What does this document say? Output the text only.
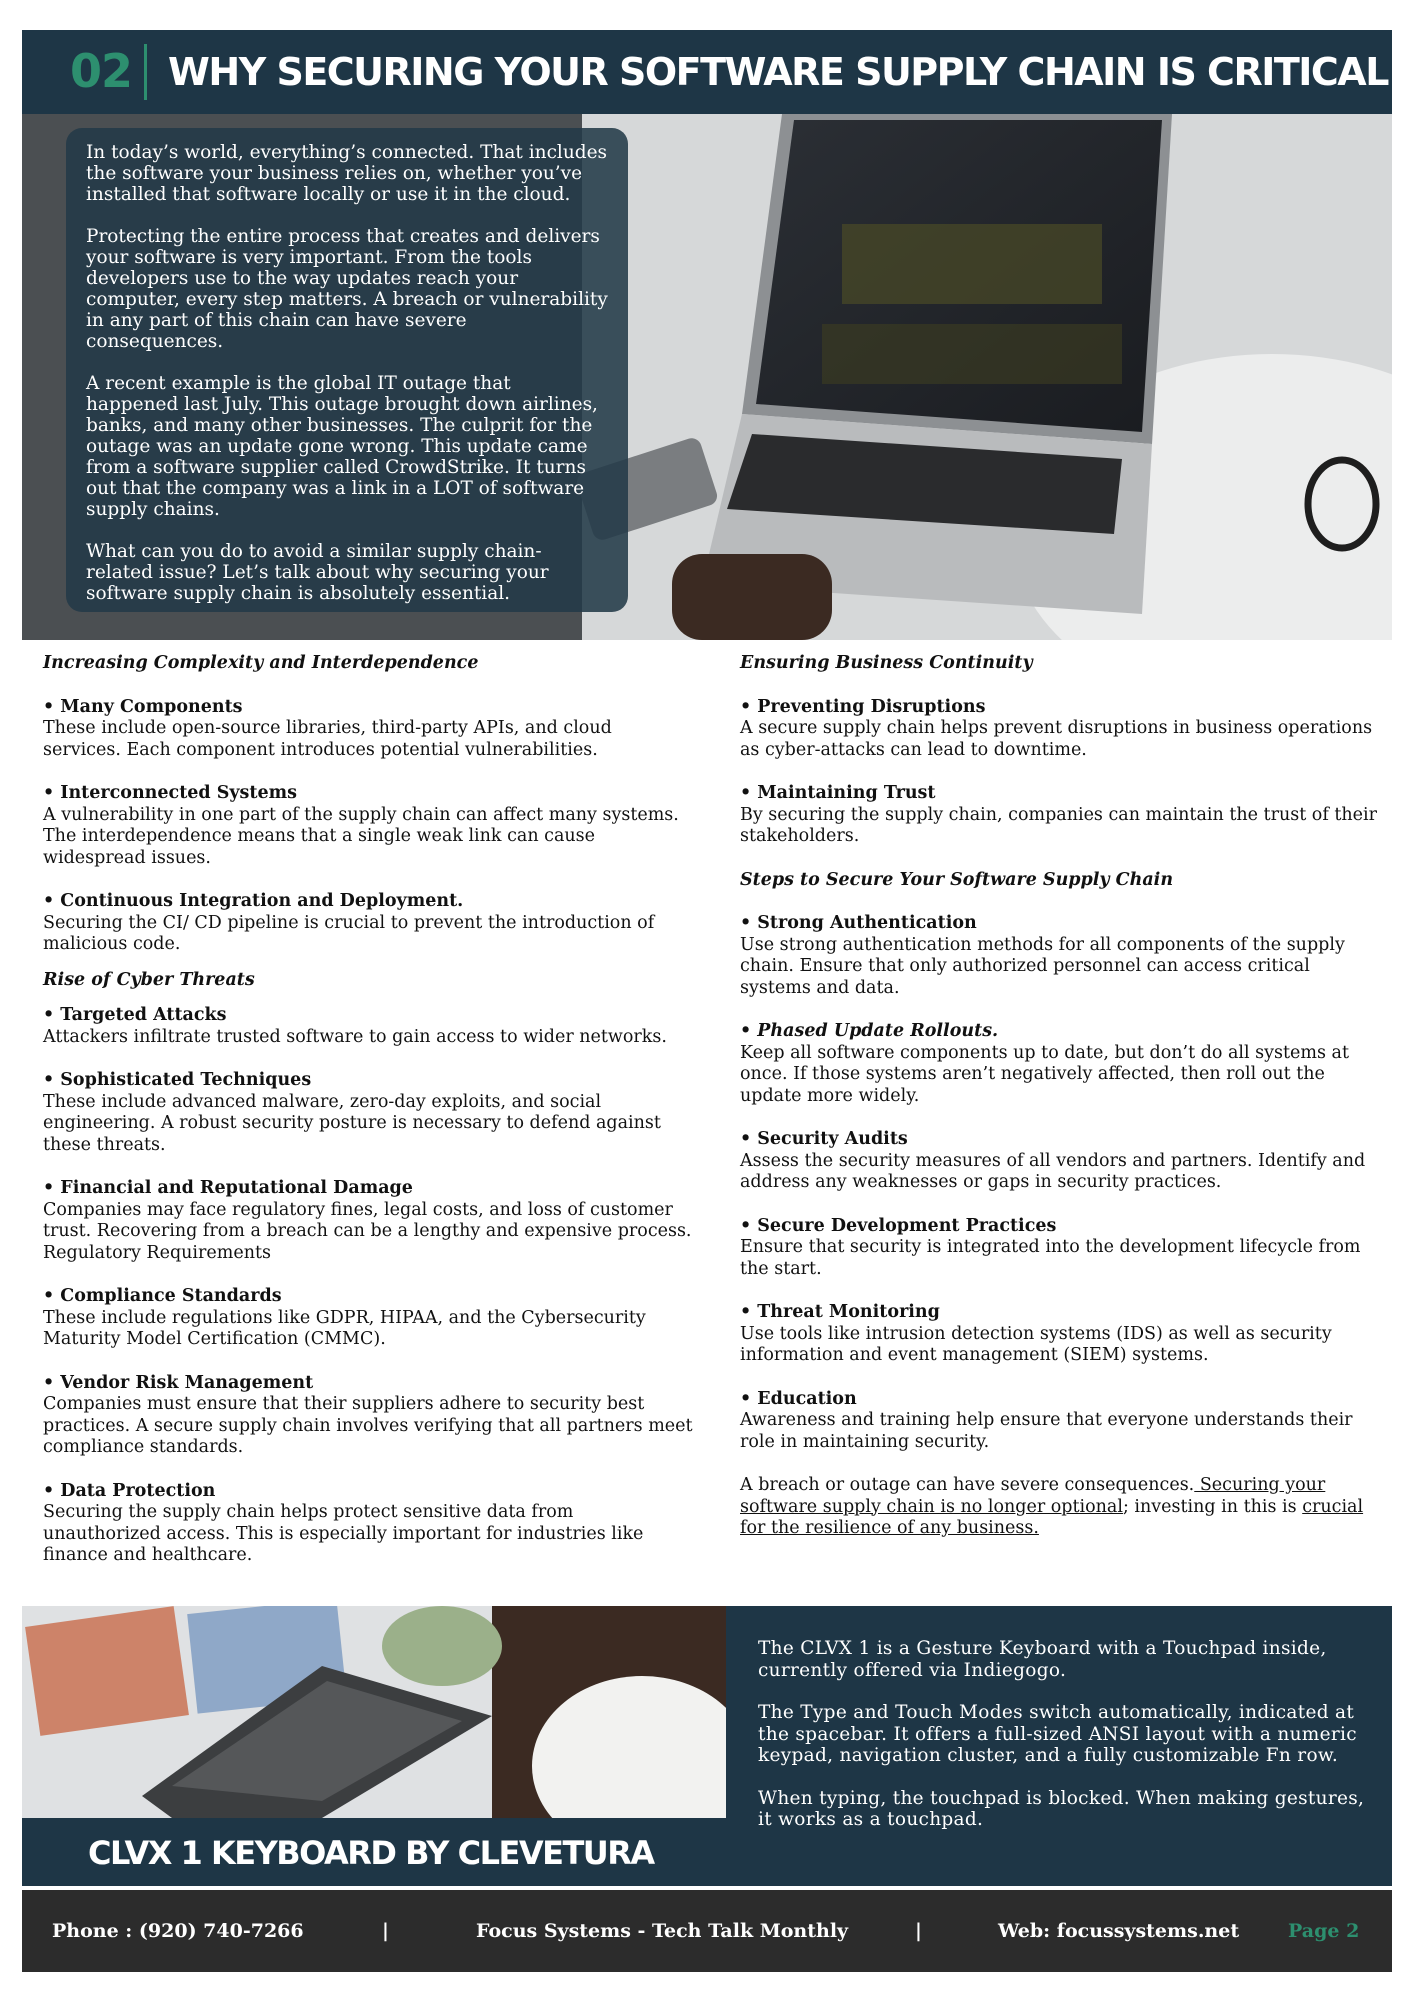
02 WHY SECURING YOUR SOFTWARE SUPPLY CHAIN IS CRITICAL

In today’s world, everything’s connected. That includes the software your business relies on, whether you’ve installed that software locally or use it in the cloud.

Protecting the entire process that creates and delivers your software is very important. From the tools developers use to the way updates reach your computer, every step matters. A breach or vulnerability in any part of this chain can have severe consequences.

A recent example is the global IT outage that happened last July. This outage brought down airlines, banks, and many other businesses. The culprit for the outage was an update gone wrong. This update came from a software supplier called CrowdStrike. It turns out that the company was a link in a LOT of software supply chains.

What can you do to avoid a similar supply chain-related issue? Let’s talk about why securing your software supply chain is absolutely essential.

Increasing Complexity and Interdependence
• Many Components
These include open-source libraries, third-party APIs, and cloud services. Each component introduces potential vulnerabilities.
• Interconnected Systems
A vulnerability in one part of the supply chain can affect many systems. The interdependence means that a single weak link can cause widespread issues.
• Continuous Integration and Deployment.
Securing the CI/ CD pipeline is crucial to prevent the introduction of malicious code.
Rise of Cyber Threats
• Targeted Attacks
Attackers infiltrate trusted software to gain access to wider networks.
• Sophisticated Techniques
These include advanced malware, zero-day exploits, and social engineering. A robust security posture is necessary to defend against these threats.
• Financial and Reputational Damage
Companies may face regulatory fines, legal costs, and loss of customer trust. Recovering from a breach can be a lengthy and expensive process. Regulatory Requirements
• Compliance Standards
These include regulations like GDPR, HIPAA, and the Cybersecurity Maturity Model Certification (CMMC).
• Vendor Risk Management
Companies must ensure that their suppliers adhere to security best practices. A secure supply chain involves verifying that all partners meet compliance standards.
• Data Protection
Securing the supply chain helps protect sensitive data from unauthorized access. This is especially important for industries like finance and healthcare.
Ensuring Business Continuity
• Preventing Disruptions
A secure supply chain helps prevent disruptions in business operations as cyber-attacks can lead to downtime.
• Maintaining Trust
By securing the supply chain, companies can maintain the trust of their stakeholders.
Steps to Secure Your Software Supply Chain
• Strong Authentication
Use strong authentication methods for all components of the supply chain. Ensure that only authorized personnel can access critical systems and data.
• Phased Update Rollouts.
Keep all software components up to date, but don’t do all systems at once. If those systems aren’t negatively affected, then roll out the update more widely.
• Security Audits
Assess the security measures of all vendors and partners. Identify and address any weaknesses or gaps in security practices.
• Secure Development Practices
Ensure that security is integrated into the development lifecycle from the start.
• Threat Monitoring
Use tools like intrusion detection systems (IDS) as well as security information and event management (SIEM) systems.
• Education
Awareness and training help ensure that everyone understands their role in maintaining security.

A breach or outage can have severe consequences. Securing your software supply chain is no longer optional; investing in this is crucial for the resilience of any business.

CLVX 1 KEYBOARD BY CLEVETURA

The CLVX 1 is a Gesture Keyboard with a Touchpad inside, currently offered via Indiegogo.

The Type and Touch Modes switch automatically, indicated at the spacebar. It offers a full-sized ANSI layout with a numeric keypad, navigation cluster, and a fully customizable Fn row.

When typing, the touchpad is blocked. When making gestures, it works as a touchpad.

Phone : (920) 740-7266	|	Focus Systems - Tech Talk Monthly	|	Web: focussystems.net	Page 2
